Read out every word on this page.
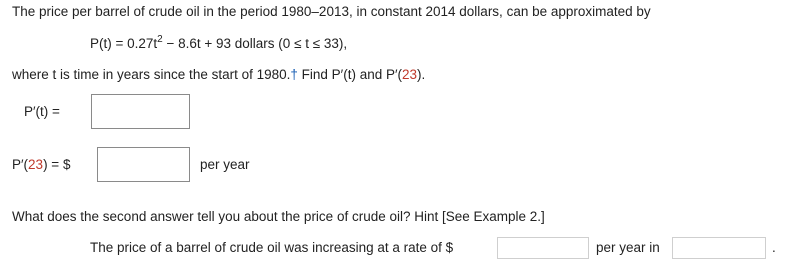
The price per barrel of crude oil in the period 1980–2013, in constant 2014 dollars, can be approximated by
$P(t) = 0.27t^2 - 8.6t + 93$ dollars (0 ≤ t ≤ 33),
where t is time in years since the start of 1980.† Find P′(t) and P′(23).
P′(t) =
P′(23) = $	per year
What does the second answer tell you about the price of crude oil? Hint [See Example 2.]
The price of a barrel of crude oil was increasing at a rate of $	per year in	.
